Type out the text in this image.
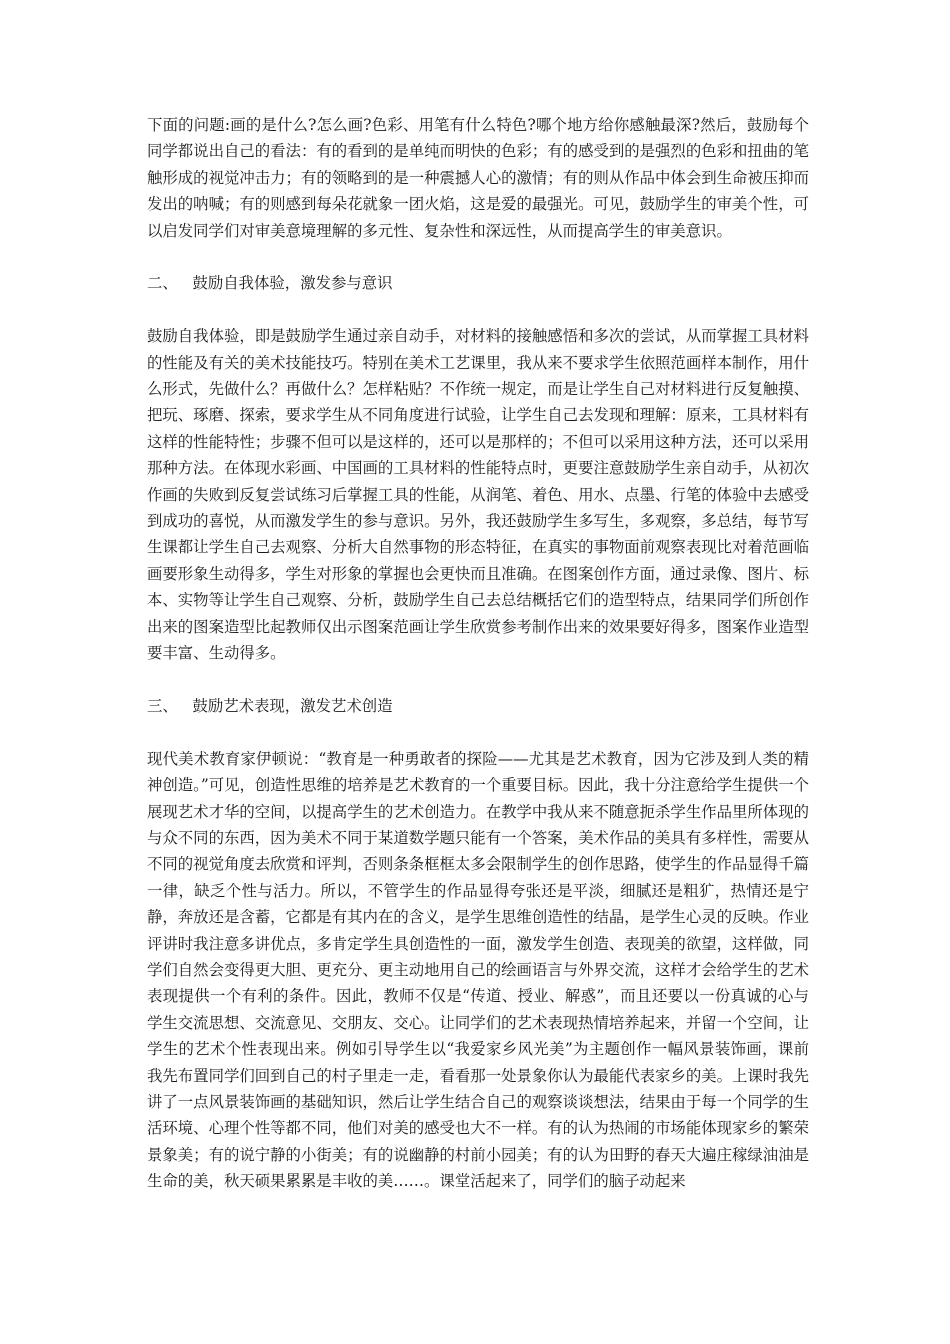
下面的问题:画的是什么?怎么画?色彩、用笔有什么特色?哪个地方给你感触最深?然后，鼓励每个同学都说出自己的看法：有的看到的是单纯而明快的色彩；有的感受到的是强烈的色彩和扭曲的笔触形成的视觉冲击力；有的领略到的是一种震撼人心的激情；有的则从作品中体会到生命被压抑而发出的呐喊；有的则感到每朵花就象一团火焰，这是爱的最强光。可见，鼓励学生的审美个性，可以启发同学们对审美意境理解的多元性、复杂性和深远性，从而提高学生的审美意识。

二、   鼓励自我体验，激发参与意识

鼓励自我体验，即是鼓励学生通过亲自动手，对材料的接触感悟和多次的尝试，从而掌握工具材料的性能及有关的美术技能技巧。特别在美术工艺课里，我从来不要求学生依照范画样本制作，用什么形式，先做什么？再做什么？怎样粘贴？不作统一规定，而是让学生自己对材料进行反复触摸、把玩、琢磨、探索，要求学生从不同角度进行试验，让学生自己去发现和理解：原来，工具材料有这样的性能特性；步骤不但可以是这样的，还可以是那样的；不但可以采用这种方法，还可以采用那种方法。在体现水彩画、中国画的工具材料的性能特点时，更要注意鼓励学生亲自动手，从初次作画的失败到反复尝试练习后掌握工具的性能，从润笔、着色、用水、点墨、行笔的体验中去感受到成功的喜悦，从而激发学生的参与意识。另外，我还鼓励学生多写生，多观察，多总结，每节写生课都让学生自己去观察、分析大自然事物的形态特征，在真实的事物面前观察表现比对着范画临画要形象生动得多，学生对形象的掌握也会更快而且准确。在图案创作方面，通过录像、图片、标本、实物等让学生自己观察、分析，鼓励学生自己去总结概括它们的造型特点，结果同学们所创作出来的图案造型比起教师仅出示图案范画让学生欣赏参考制作出来的效果要好得多，图案作业造型要丰富、生动得多。

三、   鼓励艺术表现，激发艺术创造

现代美术教育家伊顿说：“教育是一种勇敢者的探险——尤其是艺术教育，因为它涉及到人类的精神创造。”可见，创造性思维的培养是艺术教育的一个重要目标。因此，我十分注意给学生提供一个展现艺术才华的空间，以提高学生的艺术创造力。在教学中我从来不随意扼杀学生作品里所体现的与众不同的东西，因为美术不同于某道数学题只能有一个答案，美术作品的美具有多样性，需要从不同的视觉角度去欣赏和评判，否则条条框框太多会限制学生的创作思路，使学生的作品显得千篇一律，缺乏个性与活力。所以，不管学生的作品显得夸张还是平淡，细腻还是粗犷，热情还是宁静，奔放还是含蓄，它都是有其内在的含义，是学生思维创造性的结晶，是学生心灵的反映。作业评讲时我注意多讲优点，多肯定学生具创造性的一面，激发学生创造、表现美的欲望，这样做，同学们自然会变得更大胆、更充分、更主动地用自己的绘画语言与外界交流，这样才会给学生的艺术表现提供一个有利的条件。因此，教师不仅是“传道、授业、解惑”，而且还要以一份真诚的心与学生交流思想、交流意见、交朋友、交心。让同学们的艺术表现热情培养起来，并留一个空间，让学生的艺术个性表现出来。例如引导学生以“我爱家乡风光美”为主题创作一幅风景装饰画，课前我先布置同学们回到自己的村子里走一走，看看那一处景象你认为最能代表家乡的美。上课时我先讲了一点风景装饰画的基础知识，然后让学生结合自己的观察谈谈想法，结果由于每一个同学的生活环境、心理个性等都不同，他们对美的感受也大不一样。有的认为热闹的市场能体现家乡的繁荣景象美；有的说宁静的小街美；有的说幽静的村前小园美；有的认为田野的春天大遍庄稼绿油油是生命的美，秋天硕果累累是丰收的美……。课堂活起来了，同学们的脑子动起来
